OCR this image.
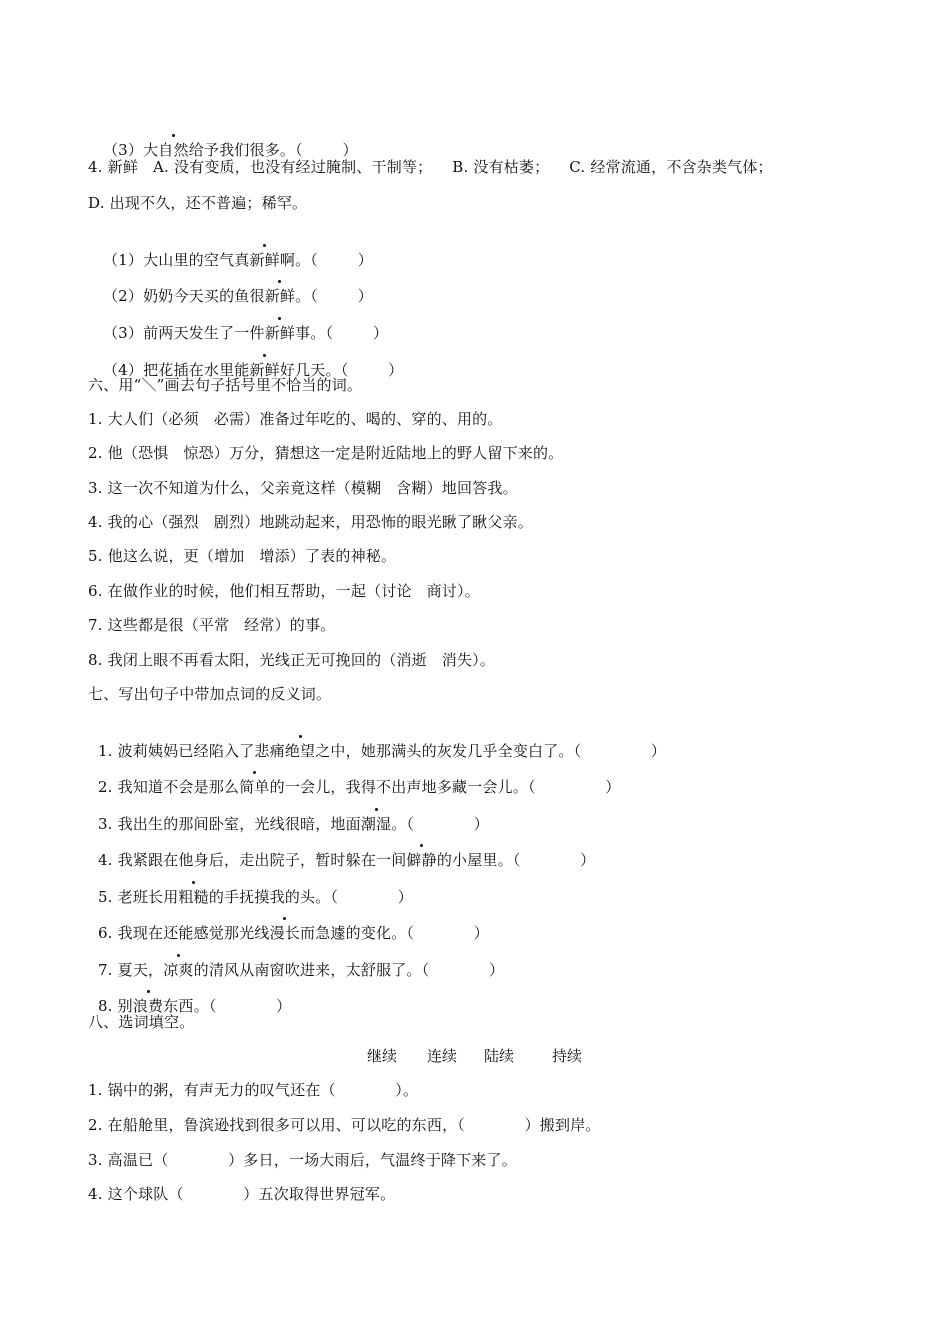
（3）大自然给予我们很多。（        ）

4. 新鲜   A. 没有变质，也没有经过腌制、干制等；    B. 没有枯萎；    C. 经常流通，不含杂类气体；
D. 出现不久，还不普遍；稀罕。

（1）大山里的空气真新鲜啊。（        ）

（2）奶奶今天买的鱼很新鲜。（        ）

（3）前两天发生了一件新鲜事。（        ）

（4）把花插在水里能新鲜好几天。（        ）

六、用“＼”画去句子括号里不恰当的词。
1. 大人们（必须   必需）准备过年吃的、喝的、穿的、用的。
2. 他（恐惧   惊恐）万分，猜想这一定是附近陆地上的野人留下来的。
3. 这一次不知道为什么，父亲竟这样（模糊   含糊）地回答我。
4. 我的心（强烈   剧烈）地跳动起来，用恐怖的眼光瞅了瞅父亲。
5. 他这么说，更（增加   增添）了表的神秘。
6. 在做作业的时候，他们相互帮助，一起（讨论   商讨）。
7. 这些都是很（平常   经常）的事。
8. 我闭上眼不再看太阳，光线正无可挽回的（消逝   消失）。
七、写出句子中带加点词的反义词。

1. 波莉姨妈已经陷入了悲痛绝望之中，她那满头的灰发几乎全变白了。（              ）

2. 我知道不会是那么简单的一会儿，我得不出声地多藏一会儿。（              ）

3. 我出生的那间卧室，光线很暗，地面潮湿。（            ）

4. 我紧跟在他身后，走出院子，暂时躲在一间僻静的小屋里。（            ）

5. 老班长用粗糙的手抚摸我的头。（            ）

6. 我现在还能感觉那光线漫长而急遽的变化。（            ）

7. 夏天，凉爽的清风从南窗吹进来，太舒服了。（            ）

8. 别浪费东西。（            ）

八、选词填空。
继续 连续 陆续	持续
1. 锅中的粥，有声无力的叹气还在（            ）。
2. 在船舱里，鲁滨逊找到很多可以用、可以吃的东西，（            ）搬到岸。
3. 高温已（            ）多日，一场大雨后，气温终于降下来了。
4. 这个球队（            ）五次取得世界冠军。
